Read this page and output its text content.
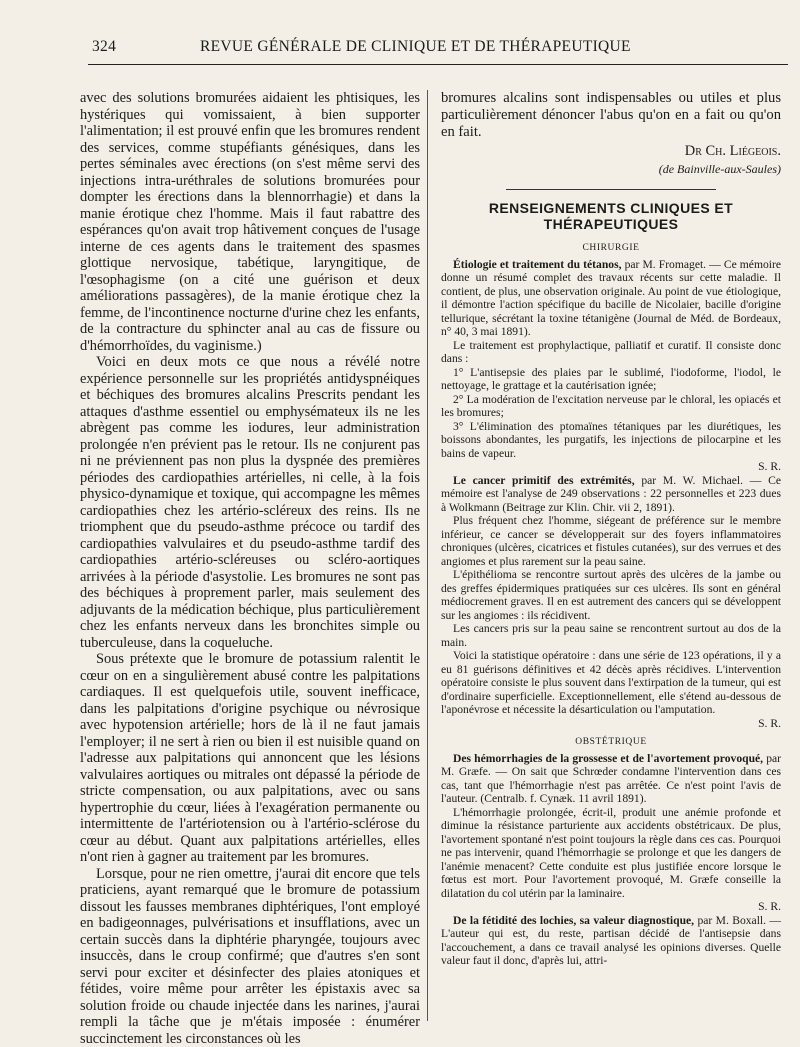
324	REVUE GÉNÉRALE DE CLINIQUE ET DE THÉRAPEUTIQUE

avec des solutions bromurées aidaient les phtisiques, les hystériques qui vomissaient, à bien supporter l'alimentation; il est prouvé enfin que les bromures rendent des services, comme stupéfiants génésiques, dans les pertes séminales avec érections (on s'est même servi des injections intra-uréthrales de solutions bromurées pour dompter les érections dans la blennorrhagie) et dans la manie érotique chez l'homme. Mais il faut rabattre des espérances qu'on avait trop hâtivement conçues de l'usage interne de ces agents dans le traitement des spasmes glottique nervosique, tabétique, laryngitique, de l'œsophagisme (on a cité une guérison et deux améliorations passagères), de la manie érotique chez la femme, de l'incontinence nocturne d'urine chez les enfants, de la contracture du sphincter anal au cas de fissure ou d'hémorrhoïdes, du vaginisme.)

Voici en deux mots ce que nous a révélé notre expérience personnelle sur les propriétés antidyspnéiques et béchiques des bromures alcalins Prescrits pendant les attaques d'asthme essentiel ou emphysémateux ils ne les abrègent pas comme les iodures, leur administration prolongée n'en prévient pas le retour. Ils ne conjurent pas ni ne préviennent pas non plus la dyspnée des premières périodes des cardiopathies artérielles, ni celle, à la fois physico-dynamique et toxique, qui accompagne les mêmes cardiopathies chez les artério-scléreux des reins. Ils ne triomphent que du pseudo-asthme précoce ou tardif des cardiopathies valvulaires et du pseudo-asthme tardif des cardiopathies artério-scléreuses ou scléro-aortiques arrivées à la période d'asystolie. Les bromures ne sont pas des béchiques à proprement parler, mais seulement des adjuvants de la médication béchique, plus particulièrement chez les enfants nerveux dans les bronchites simple ou tuberculeuse, dans la coqueluche.

Sous prétexte que le bromure de potassium ralentit le cœur on en a singulièrement abusé contre les palpitations cardiaques. Il est quelquefois utile, souvent inefficace, dans les palpitations d'origine psychique ou névrosique avec hypotension artérielle; hors de là il ne faut jamais l'employer; il ne sert à rien ou bien il est nuisible quand on l'adresse aux palpitations qui annoncent que les lésions valvulaires aortiques ou mitrales ont dépassé la période de stricte compensation, ou aux palpitations, avec ou sans hypertrophie du cœur, liées à l'exagération permanente ou intermittente de l'artériotension ou à l'artério-sclérose du cœur au début. Quant aux palpitations artérielles, elles n'ont rien à gagner au traitement par les bromures.

Lorsque, pour ne rien omettre, j'aurai dit encore que tels praticiens, ayant remarqué que le bromure de potassium dissout les fausses membranes diphtériques, l'ont employé en badigeonnages, pulvérisations et insufflations, avec un certain succès dans la diphtérie pharyngée, toujours avec insuccès, dans le croup confirmé; que d'autres s'en sont servi pour exciter et désinfecter des plaies atoniques et fétides, voire même pour arrêter les épistaxis avec sa solution froide ou chaude injectée dans les narines, j'aurai rempli la tâche que je m'étais imposée : énumérer succinctement les circonstances où les

bromures alcalins sont indispensables ou utiles et plus particulièrement dénoncer l'abus qu'on en a fait ou qu'on en fait.

Dr Ch. Liégeois.
(de Bainville-aux-Saules)
RENSEIGNEMENTS CLINIQUES ET THÉRAPEUTIQUES
CHIRURGIE

Étiologie et traitement du tétanos, par M. Fromaget. — Ce mémoire donne un résumé complet des travaux récents sur cette maladie. Il contient, de plus, une observation originale. Au point de vue étiologique, il démontre l'action spécifique du bacille de Nicolaier, bacille d'origine tellurique, sécrétant la toxine tétanigène (Journal de Méd. de Bordeaux, n° 40, 3 mai 1891).

Le traitement est prophylactique, palliatif et curatif. Il consiste donc dans :

1° L'antisepsie des plaies par le sublimé, l'iodoforme, l'iodol, le nettoyage, le grattage et la cautérisation ignée;

2° La modération de l'excitation nerveuse par le chloral, les opiacés et les bromures;

3° L'élimination des ptomaïnes tétaniques par les diurétiques, les boissons abondantes, les purgatifs, les injections de pilocarpine et les bains de vapeur.

S. R.

Le cancer primitif des extrémités, par M. W. Michael. — Ce mémoire est l'analyse de 249 observations : 22 personnelles et 223 dues à Wolkmann (Beitrage zur Klin. Chir. vii 2, 1891).

Plus fréquent chez l'homme, siégeant de préférence sur le membre inférieur, ce cancer se développerait sur des foyers inflammatoires chroniques (ulcères, cicatrices et fistules cutanées), sur des verrues et des angiomes et plus rarement sur la peau saine.

L'épithélioma se rencontre surtout après des ulcères de la jambe ou des greffes épidermiques pratiquées sur ces ulcères. Ils sont en général médiocrement graves. Il en est autrement des cancers qui se développent sur les angiomes : ils récidivent.

Les cancers pris sur la peau saine se rencontrent surtout au dos de la main.

Voici la statistique opératoire : dans une série de 123 opérations, il y a eu 81 guérisons définitives et 42 décès après récidives. L'intervention opératoire consiste le plus souvent dans l'extirpation de la tumeur, qui est d'ordinaire superficielle. Exceptionnellement, elle s'étend au-dessous de l'aponévrose et nécessite la désarticulation ou l'amputation.

S. R.

OBSTÉTRIQUE

Des hémorrhagies de la grossesse et de l'avortement provoqué, par M. Græfe. — On sait que Schrœder condamne l'intervention dans ces cas, tant que l'hémorrhagie n'est pas arrêtée. Ce n'est point l'avis de l'auteur. (Centralb. f. Cynæk. 11 avril 1891).

L'hémorrhagie prolongée, écrit-il, produit une anémie profonde et diminue la résistance parturiente aux accidents obstétricaux. De plus, l'avortement spontané n'est point toujours la règle dans ces cas. Pourquoi ne pas intervenir, quand l'hémorrhagie se prolonge et que les dangers de l'anémie menacent? Cette conduite est plus justifiée encore lorsque le fœtus est mort. Pour l'avortement provoqué, M. Græfe conseille la dilatation du col utérin par la laminaire.

S. R.

De la fétidité des lochies, sa valeur diagnostique, par M. Boxall. — L'auteur qui est, du reste, partisan décidé de l'antisepsie dans l'accouchement, a dans ce travail analysé les opinions diverses. Quelle valeur faut il donc, d'après lui, attri-
